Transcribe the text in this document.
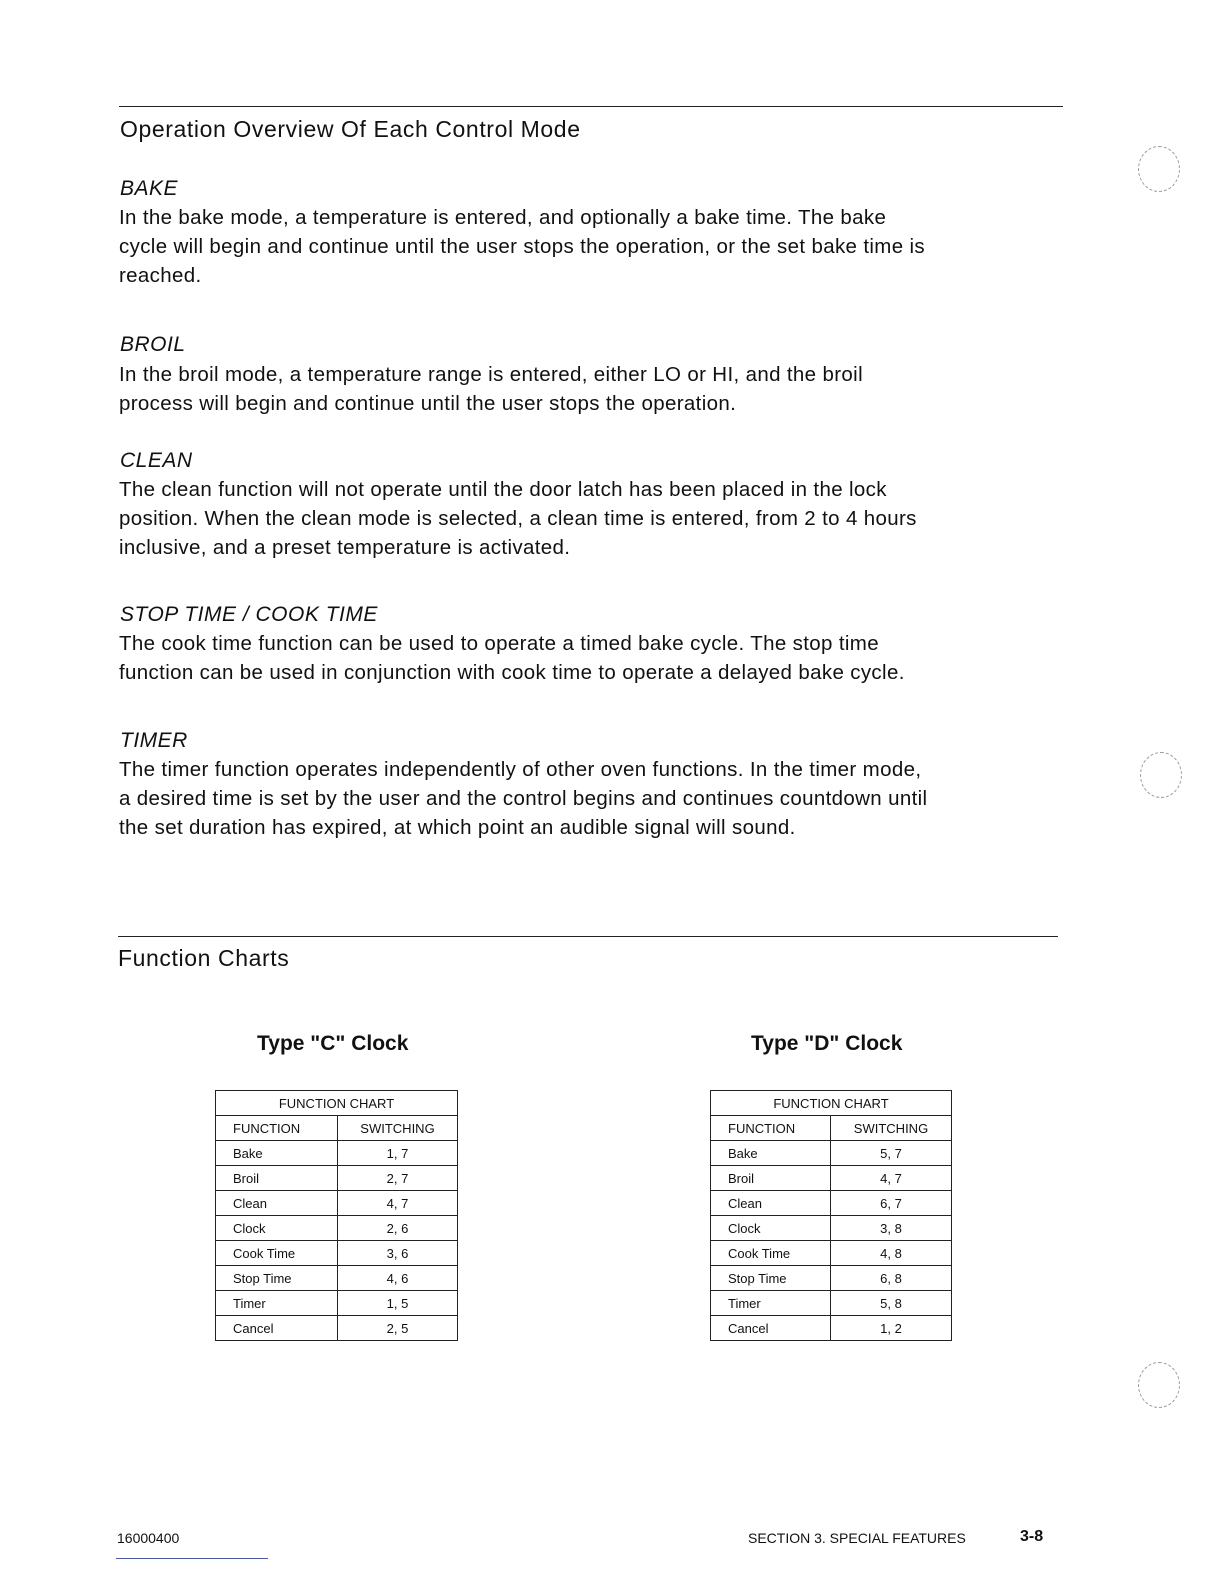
Operation Overview Of Each Control Mode
BAKE
In the bake mode, a temperature is entered, and optionally a bake time. The bake
cycle will begin and continue until the user stops the operation, or the set bake time is
reached.
BROIL
In the broil mode, a temperature range is entered, either LO or HI, and the broil
process will begin and continue until the user stops the operation.
CLEAN
The clean function will not operate until the door latch has been placed in the lock
position. When the clean mode is selected, a clean time is entered, from 2 to 4 hours
inclusive, and a preset temperature is activated.
STOP TIME / COOK TIME
The cook time function can be used to operate a timed bake cycle. The stop time
function can be used in conjunction with cook time to operate a delayed bake cycle.
TIMER
The timer function operates independently of other oven functions. In the timer mode,
a desired time is set by the user and the control begins and continues countdown until
the set duration has expired, at which point an audible signal will sound.
Function Charts
Type "C" Clock	Type "D" Clock
FUNCTION CHART	
FUNCTION	SWITCHING
Bake	1, 7
Broil	2, 7
Clean	4, 7
Clock	2, 6
Cook Time	3, 6
Stop Time	4, 6
Timer	1, 5
Cancel	2, 5
FUNCTION CHART	
FUNCTION	SWITCHING
Bake	5, 7
Broil	4, 7
Clean	6, 7
Clock	3, 8
Cook Time	4, 8
Stop Time	6, 8
Timer	5, 8
Cancel	1, 2
16000400	SECTION 3. SPECIAL FEATURES	3-8
